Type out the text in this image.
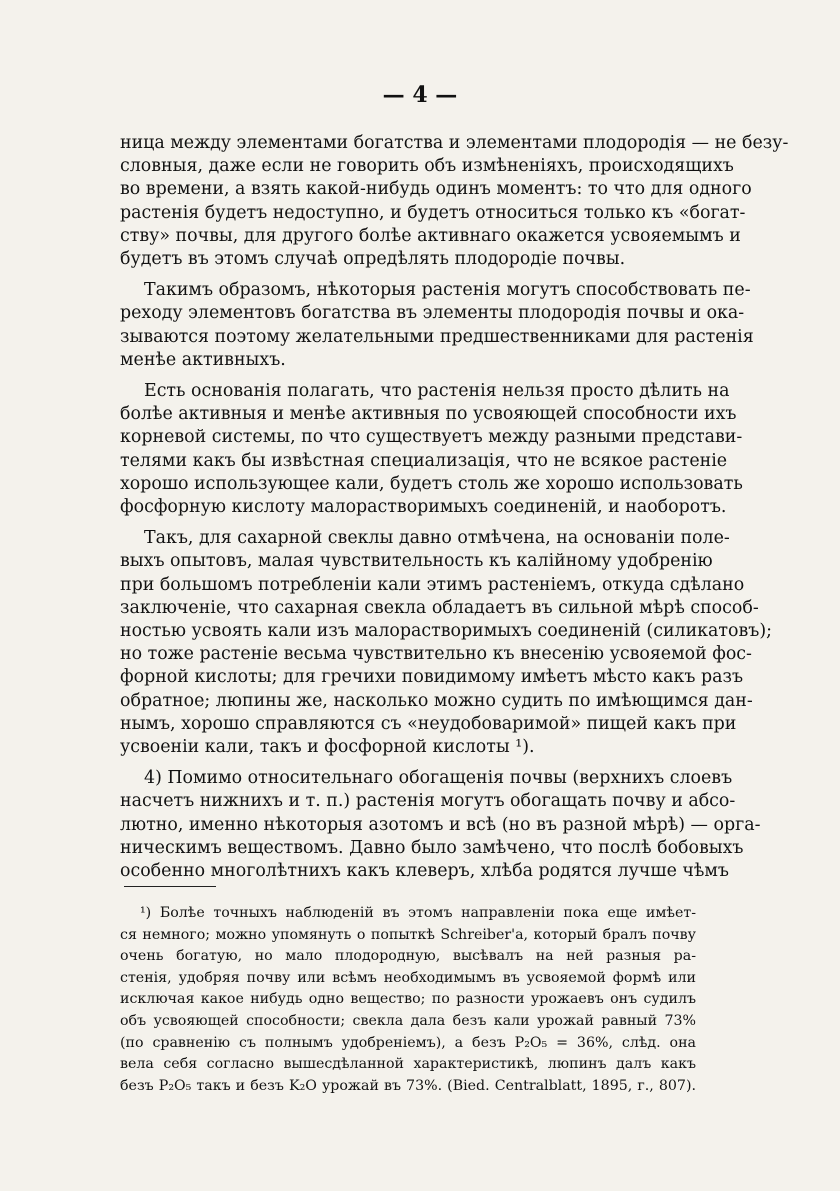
— 4 —

ница между элементами богатства и элементами плодородія — не безу-
словныя, даже если не говорить объ измѣненіяхъ, происходящихъ
во времени, а взять какой-нибудь одинъ моментъ: то что для одного
растенія будетъ недоступно, и будетъ относиться только къ «богат-
ству» почвы, для другого болѣе активнаго окажется усвояемымъ и
будетъ въ этомъ случаѣ опредѣлять плодородіе почвы.

Такимъ образомъ, нѣкоторыя растенія могутъ способствовать пе-
реходу элементовъ богатства въ элементы плодородія почвы и ока-
зываются поэтому желательными предшественниками для растенія
менѣе активныхъ.

Есть основанія полагать, что растенія нельзя просто дѣлить на
болѣе активныя и менѣе активныя по усвояющей способности ихъ
корневой системы, по что существуетъ между разными представи-
телями какъ бы извѣстная специализація, что не всякое растеніе
хорошо использующее кали, будетъ столь же хорошо использовать
фосфорную кислоту малорастворимыхъ соединеній, и наоборотъ.

Такъ, для сахарной свеклы давно отмѣчена, на основаніи поле-
выхъ опытовъ, малая чувствительность къ калійному удобренію
при большомъ потребленіи кали этимъ растеніемъ, откуда сдѣлано
заключеніе, что сахарная свекла обладаетъ въ сильной мѣрѣ способ-
ностью усвоять кали изъ малорастворимыхъ соединеній (силикатовъ);
но тоже растеніе весьма чувствительно къ внесенію усвояемой фос-
форной кислоты; для гречихи повидимому имѣетъ мѣсто какъ разъ
обратное; люпины же, насколько можно судить по имѣющимся дан-
нымъ, хорошо справляются съ «неудобоваримой» пищей какъ при
усвоеніи кали, такъ и фосфорной кислоты ¹).

4) Помимо относительнаго обогащенія почвы (верхнихъ слоевъ
насчетъ нижнихъ и т. п.) растенія могутъ обогащать почву и абсо-
лютно, именно нѣкоторыя азотомъ и всѣ (но въ разной мѣрѣ) — орга-
ническимъ веществомъ. Давно было замѣчено, что послѣ бобовыхъ
особенно многолѣтнихъ какъ клеверъ, хлѣба родятся лучше чѣмъ

¹) Болѣе точныхъ наблюденій въ этомъ направленіи пока еще имѣет-
ся немного; можно упомянуть о попыткѣ Schreiber'а, который бралъ почву
очень богатую, но мало плодородную, высѣвалъ на ней разныя ра-
стенія, удобряя почву или всѣмъ необходимымъ въ усвояемой формѣ или
исключая какое нибудь одно вещество; по разности урожаевъ онъ судилъ
объ усвояющей способности; свекла дала безъ кали урожай равный 73%
(по сравненію съ полнымъ удобреніемъ), а безъ P₂O₅ = 36%, слѣд. она
вела себя согласно вышесдѣланной характеристикѣ, люпинъ далъ какъ
безъ P₂O₅ такъ и безъ K₂O урожай въ 73%. (Bied. Centralblatt, 1895, г., 807).
